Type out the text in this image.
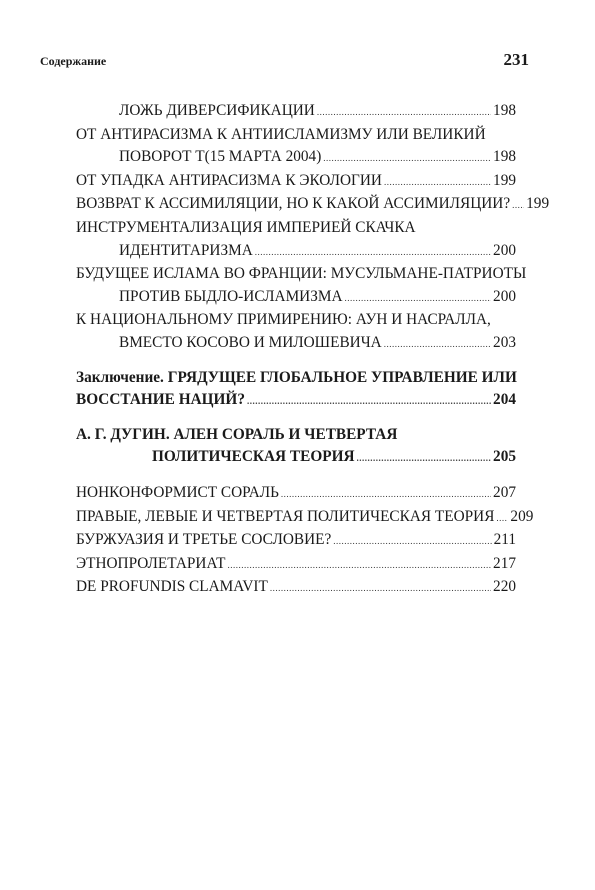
Содержание	231
ЛОЖЬ ДИВЕРСИФИКАЦИИ .....	198
ОТ АНТИРАСИЗМА К АНТИИСЛАМИЗМУ ИЛИ ВЕЛИКИЙ
ПОВОРОТ Т(15 МАРТА 2004) .....	198
ОТ УПАДКА АНТИРАСИЗМА К ЭКОЛОГИИ .....	199
ВОЗВРАТ К АССИМИЛЯЦИИ, НО К КАКОЙ АССИМИЛЯЦИИ? ..... 199
ИНСТРУМЕНТАЛИЗАЦИЯ ИМПЕРИЕЙ СКАЧКА
ИДЕНТИТАРИЗМА .....	200
БУДУЩЕЕ ИСЛАМА ВО ФРАНЦИИ: МУСУЛЬМАНЕ-ПАТРИОТЫ
ПРОТИВ БЫДЛО-ИСЛАМИЗМА .....	200
К НАЦИОНАЛЬНОМУ ПРИМИРЕНИЮ: АУН И НАСРАЛЛА,
ВМЕСТО КОСОВО И МИЛОШЕВИЧА .....	203
Заключение. ГРЯДУЩЕЕ ГЛОБАЛЬНОЕ УПРАВЛЕНИЕ ИЛИ
ВОССТАНИЕ НАЦИЙ? .....	204
А. Г. ДУГИН. АЛЕН СОРАЛЬ И ЧЕТВЕРТАЯ
ПОЛИТИЧЕСКАЯ ТЕОРИЯ .....	205
НОНКОНФОРМИСТ СОРАЛЬ .....	207
ПРАВЫЕ, ЛЕВЫЕ И ЧЕТВЕРТАЯ ПОЛИТИЧЕСКАЯ ТЕОРИЯ ..... 209
БУРЖУАЗИЯ И ТРЕТЬЕ СОСЛОВИЕ? .....	211
ЭТНОПРОЛЕТАРИАТ .....	217
DE PROFUNDIS CLAMAVIT .....	220
